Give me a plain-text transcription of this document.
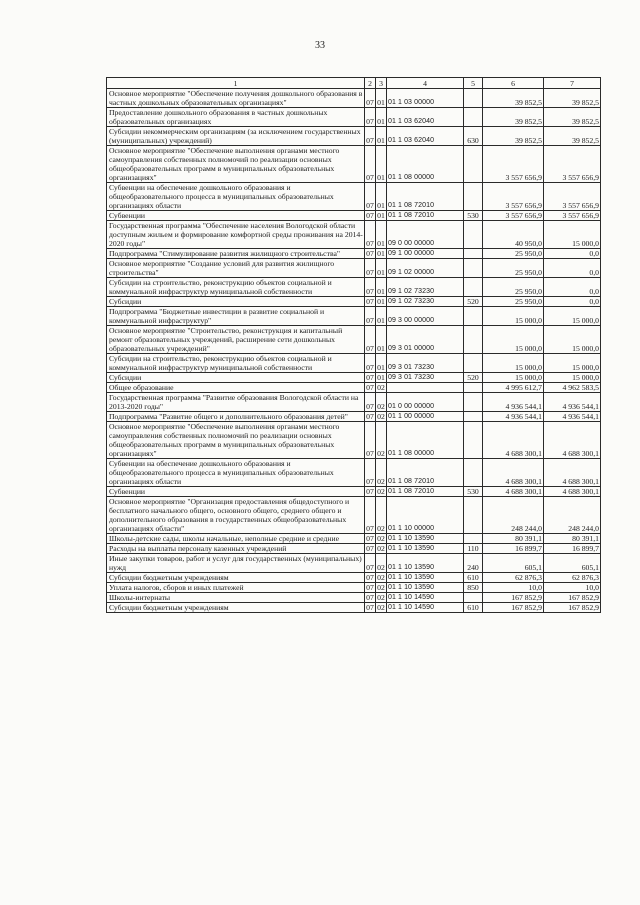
33
1	2	3	4	5	6	7
Основное мероприятие "Обеспечение получения дошкольного образования в частных дошкольных образовательных организациях"	07	01	01 1 03 00000		39 852,5	39 852,5
Предоставление дошкольного образования в частных дошкольных образовательных организациях	07	01	01 1 03 62040		39 852,5	39 852,5
Субсидии некоммерческим организациям (за исключением государственных (муниципальных) учреждений)	07	01	01 1 03 62040	630	39 852,5	39 852,5
Основное мероприятие "Обеспечение выполнения органами местного самоуправления собственных полномочий по реализации основных общеобразовательных программ в муниципальных образовательных организациях"	07	01	01 1 08 00000		3 557 656,9	3 557 656,9
Субвенции на обеспечение дошкольного образования и общеобразовательного процесса в муниципальных образовательных организациях области	07	01	01 1 08 72010		3 557 656,9	3 557 656,9
Субвенции	07	01	01 1 08 72010	530	3 557 656,9	3 557 656,9
Государственная программа "Обеспечение населения Вологодской области доступным жильем и формирование комфортной среды проживания на 2014-2020 годы"	07	01	09 0 00 00000		40 950,0	15 000,0
Подпрограмма "Стимулирование развития жилищного строительства"	07	01	09 1 00 00000		25 950,0	0,0
Основное мероприятие "Создание условий для развития жилищного строительства"	07	01	09 1 02 00000		25 950,0	0,0
Субсидии на строительство, реконструкцию объектов социальной и коммунальной инфраструктур муниципальной собственности	07	01	09 1 02 73230		25 950,0	0,0
Субсидии	07	01	09 1 02 73230	520	25 950,0	0,0
Подпрограмма "Бюджетные инвестиции в развитие социальной и коммунальной инфраструктур"	07	01	09 3 00 00000		15 000,0	15 000,0
Основное мероприятие "Строительство, реконструкция и капитальный ремонт образовательных учреждений, расширение сети дошкольных образовательных учреждений"	07	01	09 3 01 00000		15 000,0	15 000,0
Субсидии на строительство, реконструкцию объектов социальной и коммунальной инфраструктур муниципальной собственности	07	01	09 3 01 73230		15 000,0	15 000,0
Субсидии	07	01	09 3 01 73230	520	15 000,0	15 000,0
Общее образование	07	02			4 995 612,7	4 962 583,5
Государственная программа "Развитие образования Вологодской области на 2013-2020 годы"	07	02	01 0 00 00000		4 936 544,1	4 936 544,1
Подпрограмма "Развитие общего и дополнительного образования детей"	07	02	01 1 00 00000		4 936 544,1	4 936 544,1
Основное мероприятие "Обеспечение выполнения органами местного самоуправления собственных полномочий по реализации основных общеобразовательных программ в муниципальных образовательных организациях"	07	02	01 1 08 00000		4 688 300,1	4 688 300,1
Субвенции на обеспечение дошкольного образования и общеобразовательного процесса в муниципальных образовательных организациях области	07	02	01 1 08 72010		4 688 300,1	4 688 300,1
Субвенции	07	02	01 1 08 72010	530	4 688 300,1	4 688 300,1
Основное мероприятие "Организация предоставления общедоступного и бесплатного начального общего, основного общего, среднего общего и дополнительного образования в государственных общеобразовательных организациях области"	07	02	01 1 10 00000		248 244,0	248 244,0
Школы-детские сады, школы начальные, неполные средние и средние	07	02	01 1 10 13590		80 391,1	80 391,1
Расходы на выплаты персоналу казенных учреждений	07	02	01 1 10 13590	110	16 899,7	16 899,7
Иные закупки товаров, работ и услуг для государственных (муниципальных) нужд	07	02	01 1 10 13590	240	605,1	605,1
Субсидии бюджетным учреждениям	07	02	01 1 10 13590	610	62 876,3	62 876,3
Уплата налогов, сборов и иных платежей	07	02	01 1 10 13590	850	10,0	10,0
Школы-интернаты	07	02	01 1 10 14590		167 852,9	167 852,9
Субсидии бюджетным учреждениям	07	02	01 1 10 14590	610	167 852,9	167 852,9
